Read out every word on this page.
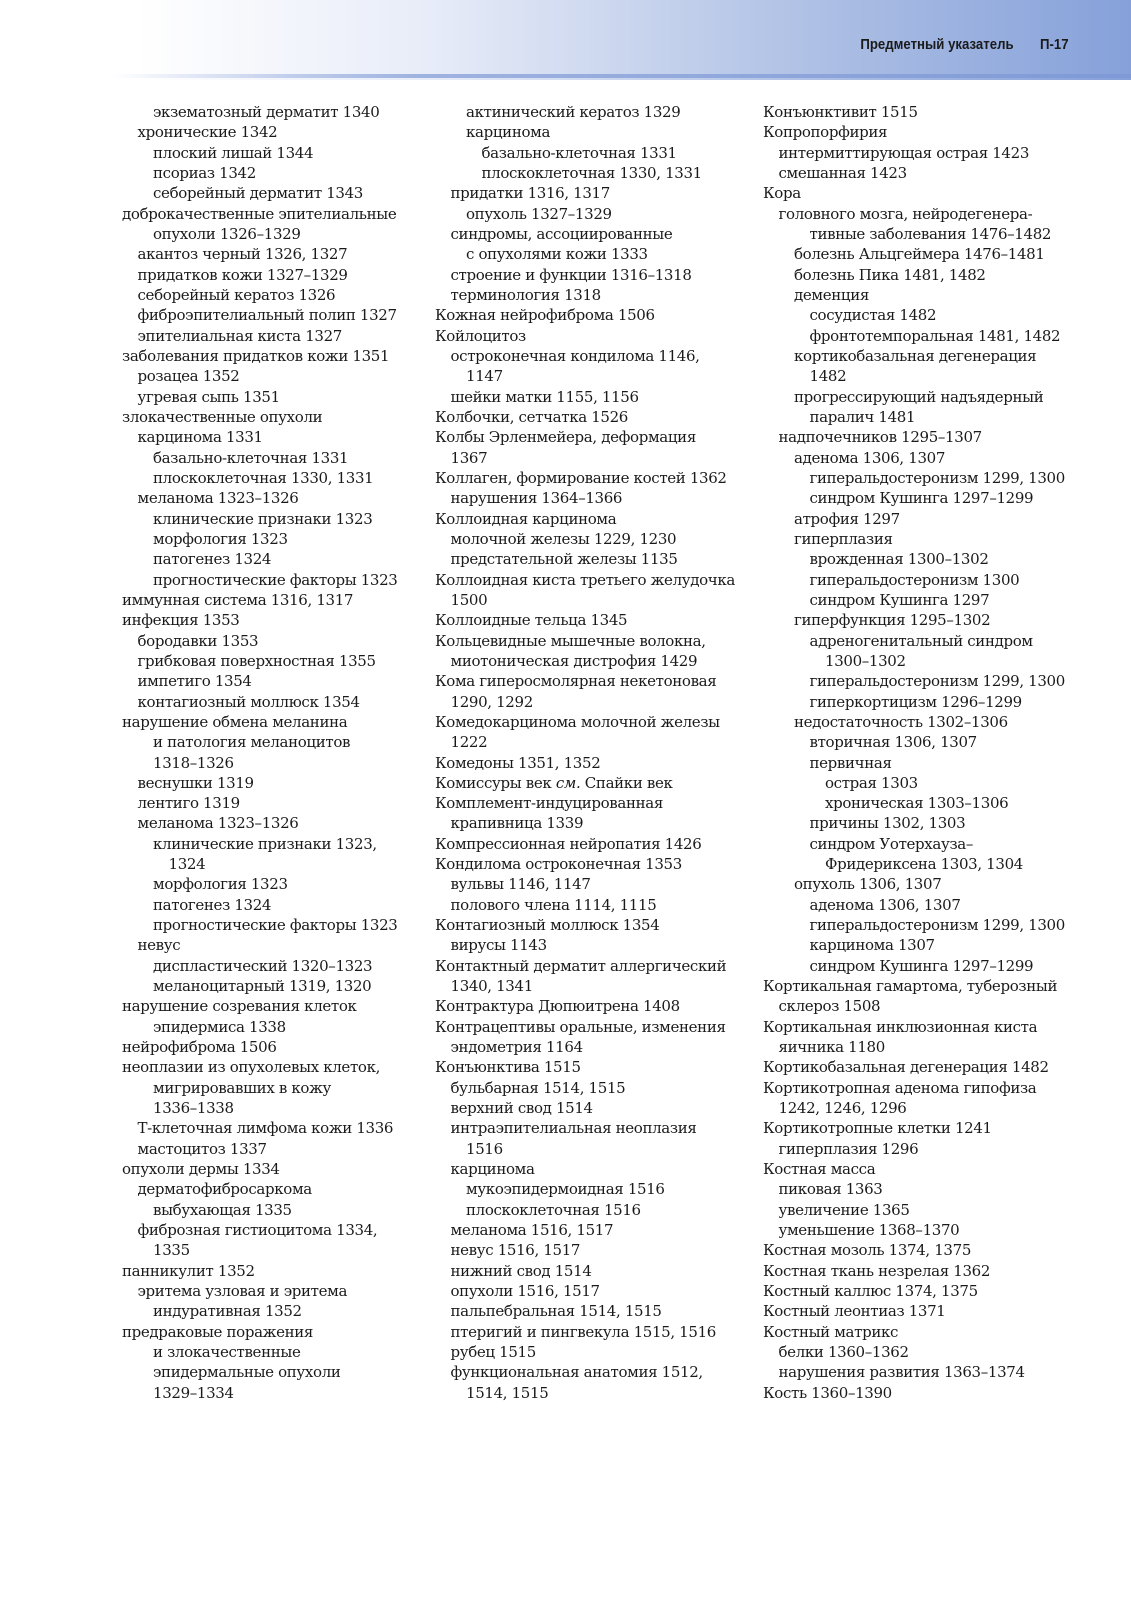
Предметный указатель П-17
экзематозный дерматит 1340
хронические 1342
плоский лишай 1344
псориаз 1342
себорейный дерматит 1343
доброкачественные эпителиальные
опухоли 1326–1329
акантоз черный 1326, 1327
придатков кожи 1327–1329
себорейный кератоз 1326
фиброэпителиальный полип 1327
эпителиальная киста 1327
заболевания придатков кожи 1351
розацеа 1352
угревая сыпь 1351
злокачественные опухоли
карцинома 1331
базально-клеточная 1331
плоскоклеточная 1330, 1331
меланома 1323–1326
клинические признаки 1323
морфология 1323
патогенез 1324
прогностические факторы 1323
иммунная система 1316, 1317
инфекция 1353
бородавки 1353
грибковая поверхностная 1355
импетиго 1354
контагиозный моллюск 1354
нарушение обмена меланина
и патология меланоцитов
1318–1326
веснушки 1319
лентиго 1319
меланома 1323–1326
клинические признаки 1323,
1324
морфология 1323
патогенез 1324
прогностические факторы 1323
невус
диспластический 1320–1323
меланоцитарный 1319, 1320
нарушение созревания клеток
эпидермиса 1338
нейрофиброма 1506
неоплазии из опухолевых клеток,
мигрировавших в кожу
1336–1338
Т-клеточная лимфома кожи 1336
мастоцитоз 1337
опухоли дермы 1334
дерматофибросаркома
выбухающая 1335
фиброзная гистиоцитома 1334,
1335
панникулит 1352
эритема узловая и эритема
индуративная 1352
предраковые поражения
и злокачественные
эпидермальные опухоли
1329–1334
актинический кератоз 1329
карцинома
базально-клеточная 1331
плоскоклеточная 1330, 1331
придатки 1316, 1317
опухоль 1327–1329
синдромы, ассоциированные
с опухолями кожи 1333
строение и функции 1316–1318
терминология 1318
Кожная нейрофиброма 1506
Койлоцитоз
остроконечная кондилома 1146,
1147
шейки матки 1155, 1156
Колбочки, сетчатка 1526
Колбы Эрленмейера, деформация
1367
Коллаген, формирование костей 1362
нарушения 1364–1366
Коллоидная карцинома
молочной железы 1229, 1230
предстательной железы 1135
Коллоидная киста третьего желудочка
1500
Коллоидные тельца 1345
Кольцевидные мышечные волокна,
миотоническая дистрофия 1429
Кома гиперосмолярная некетоновая
1290, 1292
Комедокарцинома молочной железы
1222
Комедоны 1351, 1352
Комиссуры век см. Спайки век
Комплемент-индуцированная
крапивница 1339
Компрессионная нейропатия 1426
Кондилома остроконечная 1353
вульвы 1146, 1147
полового члена 1114, 1115
Контагиозный моллюск 1354
вирусы 1143
Контактный дерматит аллергический
1340, 1341
Контрактура Дюпюитрена 1408
Контрацептивы оральные, изменения
эндометрия 1164
Конъюнктива 1515
бульбарная 1514, 1515
верхний свод 1514
интраэпителиальная неоплазия
1516
карцинома
мукоэпидермоидная 1516
плоскоклеточная 1516
меланома 1516, 1517
невус 1516, 1517
нижний свод 1514
опухоли 1516, 1517
пальпебральная 1514, 1515
птеригий и пингвекула 1515, 1516
рубец 1515
функциональная анатомия 1512,
1514, 1515
Конъюнктивит 1515
Копропорфирия
интермиттирующая острая 1423
смешанная 1423
Кора
головного мозга, нейродегенера-
тивные заболевания 1476–1482
болезнь Альцгеймера 1476–1481
болезнь Пика 1481, 1482
деменция
сосудистая 1482
фронтотемпоральная 1481, 1482
кортикобазальная дегенерация
1482
прогрессирующий надъядерный
паралич 1481
надпочечников 1295–1307
аденома 1306, 1307
гиперальдостеронизм 1299, 1300
синдром Кушинга 1297–1299
атрофия 1297
гиперплазия
врожденная 1300–1302
гиперальдостеронизм 1300
синдром Кушинга 1297
гиперфункция 1295–1302
адреногенитальный синдром
1300–1302
гиперальдостеронизм 1299, 1300
гиперкортицизм 1296–1299
недостаточность 1302–1306
вторичная 1306, 1307
первичная
острая 1303
хроническая 1303–1306
причины 1302, 1303
синдром Уотерхауза–
Фридериксена 1303, 1304
опухоль 1306, 1307
аденома 1306, 1307
гиперальдостеронизм 1299, 1300
карцинома 1307
синдром Кушинга 1297–1299
Кортикальная гамартома, туберозный
склероз 1508
Кортикальная инклюзионная киста
яичника 1180
Кортикобазальная дегенерация 1482
Кортикотропная аденома гипофиза
1242, 1246, 1296
Кортикотропные клетки 1241
гиперплазия 1296
Костная масса
пиковая 1363
увеличение 1365
уменьшение 1368–1370
Костная мозоль 1374, 1375
Костная ткань незрелая 1362
Костный каллюс 1374, 1375
Костный леонтиаз 1371
Костный матрикс
белки 1360–1362
нарушения развития 1363–1374
Кость 1360–1390
